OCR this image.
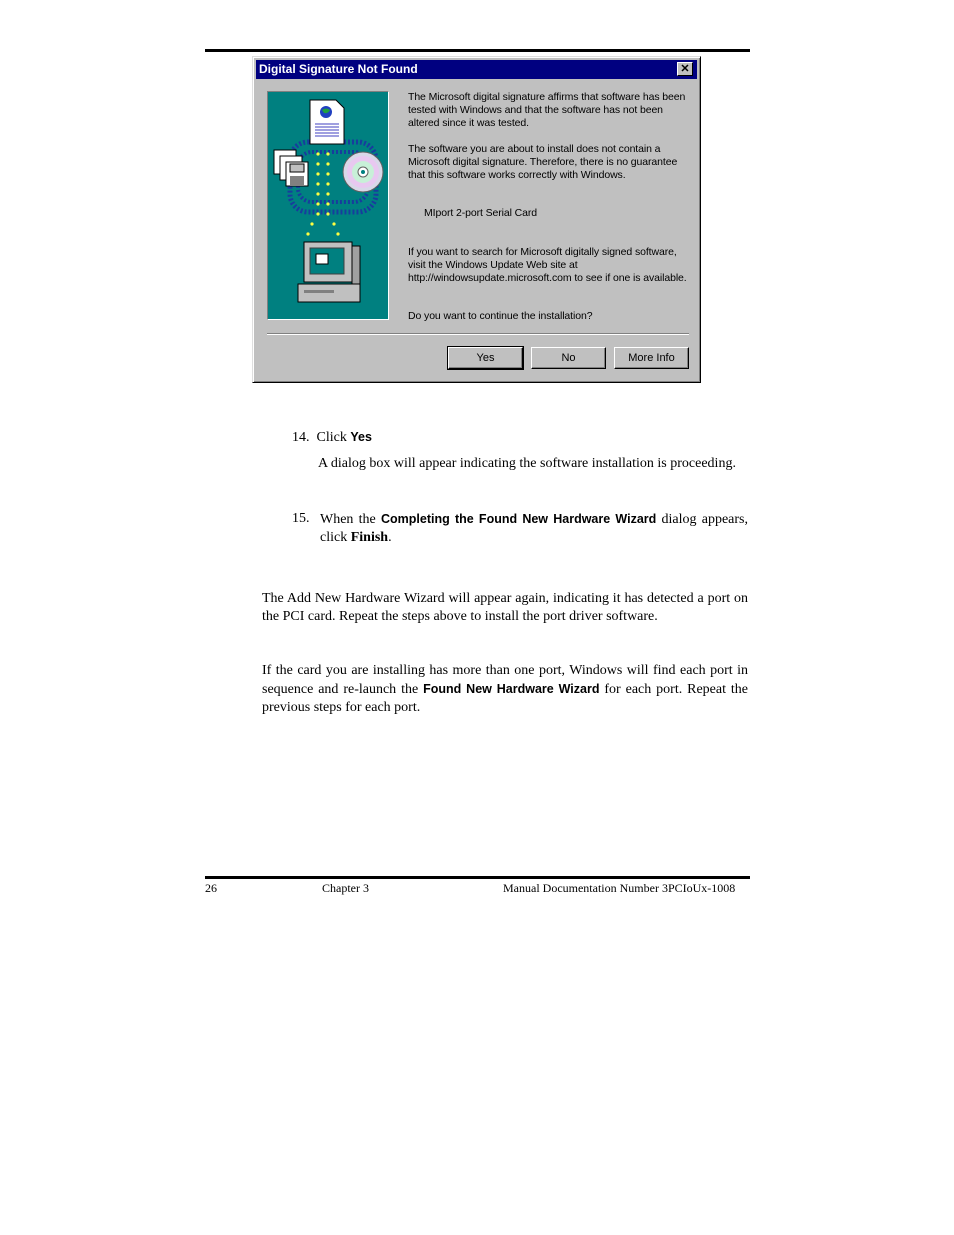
Digital Signature Not Found	✕
The Microsoft digital signature affirms that software has been tested with Windows and that the software has not been altered since it was tested.
The software you are about to install does not contain a Microsoft digital signature. Therefore, there is no guarantee that this software works correctly with Windows.
MIport 2-port Serial Card
If you want to search for Microsoft digitally signed software, visit the Windows Update Web site at http://windowsupdate.microsoft.com to see if one is available.
Do you want to continue the installation?
Yes	No	More Info
14. Click Yes
A dialog box will appear indicating the software installation is proceeding.
15. When the Completing the Found New Hardware Wizard dialog appears, click Finish.
The Add New Hardware Wizard will appear again, indicating it has detected a port on the PCI card. Repeat the steps above to install the port driver software.
If the card you are installing has more than one port, Windows will find each port in sequence and re-launch the Found New Hardware Wizard for each port. Repeat the previous steps for each port.
26	Chapter 3	Manual Documentation Number 3PCIoUx-1008
